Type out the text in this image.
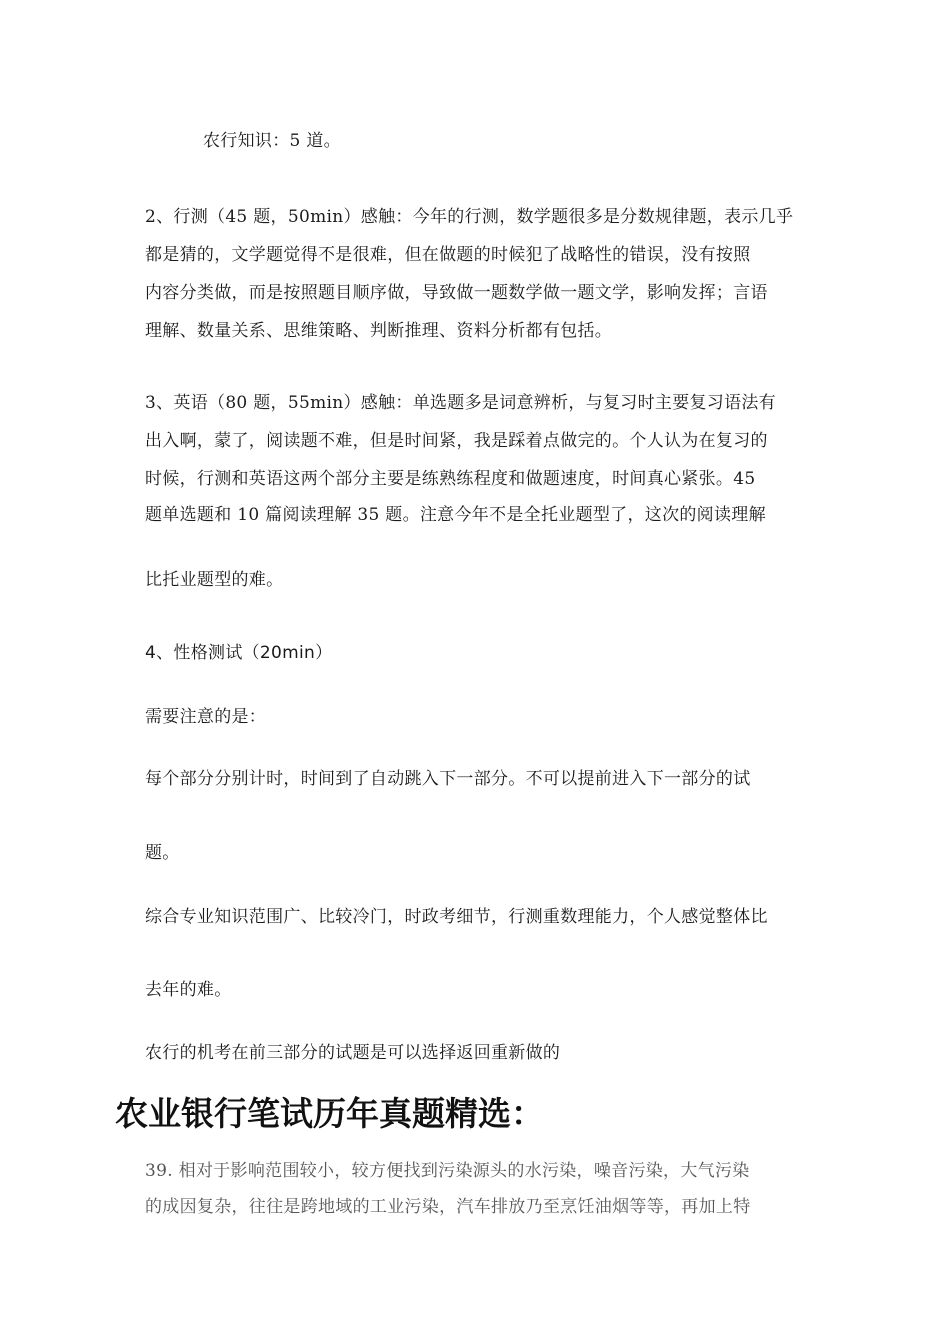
农行知识：5 道。
2、行测（45 题，50min）感触：今年的行测，数学题很多是分数规律题，表示几乎
都是猜的，文学题觉得不是很难，但在做题的时候犯了战略性的错误，没有按照
内容分类做，而是按照题目顺序做，导致做一题数学做一题文学，影响发挥；言语
理解、数量关系、思维策略、判断推理、资料分析都有包括。
3、英语（80 题，55min）感触：单选题多是词意辨析，与复习时主要复习语法有
出入啊，蒙了，阅读题不难，但是时间紧，我是踩着点做完的。个人认为在复习的
时候，行测和英语这两个部分主要是练熟练程度和做题速度，时间真心紧张。45
题单选题和 10 篇阅读理解 35 题。注意今年不是全托业题型了，这次的阅读理解
比托业题型的难。
4、性格测试（20min）
需要注意的是：
每个部分分别计时，时间到了自动跳入下一部分。不可以提前进入下一部分的试
题。
综合专业知识范围广、比较冷门，时政考细节，行测重数理能力，个人感觉整体比
去年的难。
农行的机考在前三部分的试题是可以选择返回重新做的
农业银行笔试历年真题精选：
39. 相对于影响范围较小，较方便找到污染源头的水污染，噪音污染，大气污染
的成因复杂，往往是跨地域的工业污染，汽车排放乃至烹饪油烟等等，再加上特
